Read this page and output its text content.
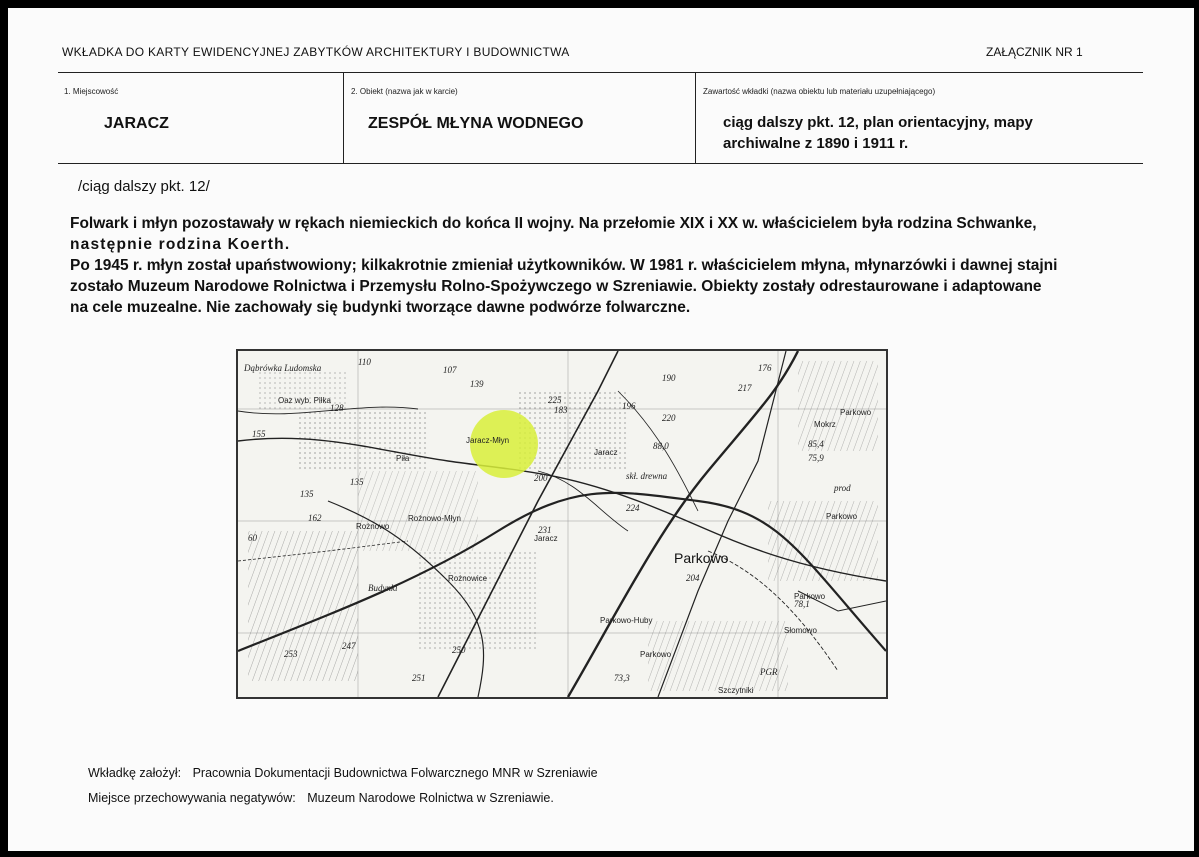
WKŁADKA DO KARTY EWIDENCYJNEJ ZABYTKÓW ARCHITEKTURY I BUDOWNICTWA	ZAŁĄCZNIK NR 1
1. Miejscowość
JARACZ
2. Obiekt (nazwa jak w karcie)
ZESPÓŁ MŁYNA WODNEGO
Zawartość wkładki (nazwa obiektu lub materiału uzupełniającego)
ciąg dalszy pkt. 12, plan orientacyjny, mapy
archiwalne z 1890 i 1911 r.
/ciąg dalszy pkt. 12/

Folwark i młyn pozostawały w rękach niemieckich do końca II wojny. Na przełomie XIX i XX w. właścicielem była rodzina Schwanke,

następnie rodzina Koerth.

Po 1945 r. młyn został upaństwowiony; kilkakrotnie zmieniał użytkowników. W 1981 r. właścicielem młyna, młynarzówki i dawnej stajni

zostało Muzeum Narodowe Rolnictwa i Przemysłu Rolno-Spożywczego w Szreniawie. Obiekty zostały odrestaurowane i adaptowane

na cele muzealne. Nie zachowały się budynki tworzące dawne podwórze folwarczne.

Dąbrówka Ludomska
Oaz wyb. Piłka
Piła
Jaracz-Młyn
Jaracz
skł. drewna
Rożnowo-Młyn
Rożnowo
Jaracz
Rożnowice
Budynki
Parkowo
Parkowo
Mokrz
prod
Parkowo
Parkowo
Słomowo
Parkowo-Huby
Parkowo
PGR
Szczytniki
110
107
135
139
190
176
217
196
220
225
88,0
75,9
78,1
60
85,4
162
135
155
200
204
224
231
247
253	250
251	73,3
183
128
Wkładkę założył: Pracownia Dokumentacji Budownictwa Folwarcznego MNR w Szreniawie
Miejsce przechowywania negatywów: Muzeum Narodowe Rolnictwa w Szreniawie.
